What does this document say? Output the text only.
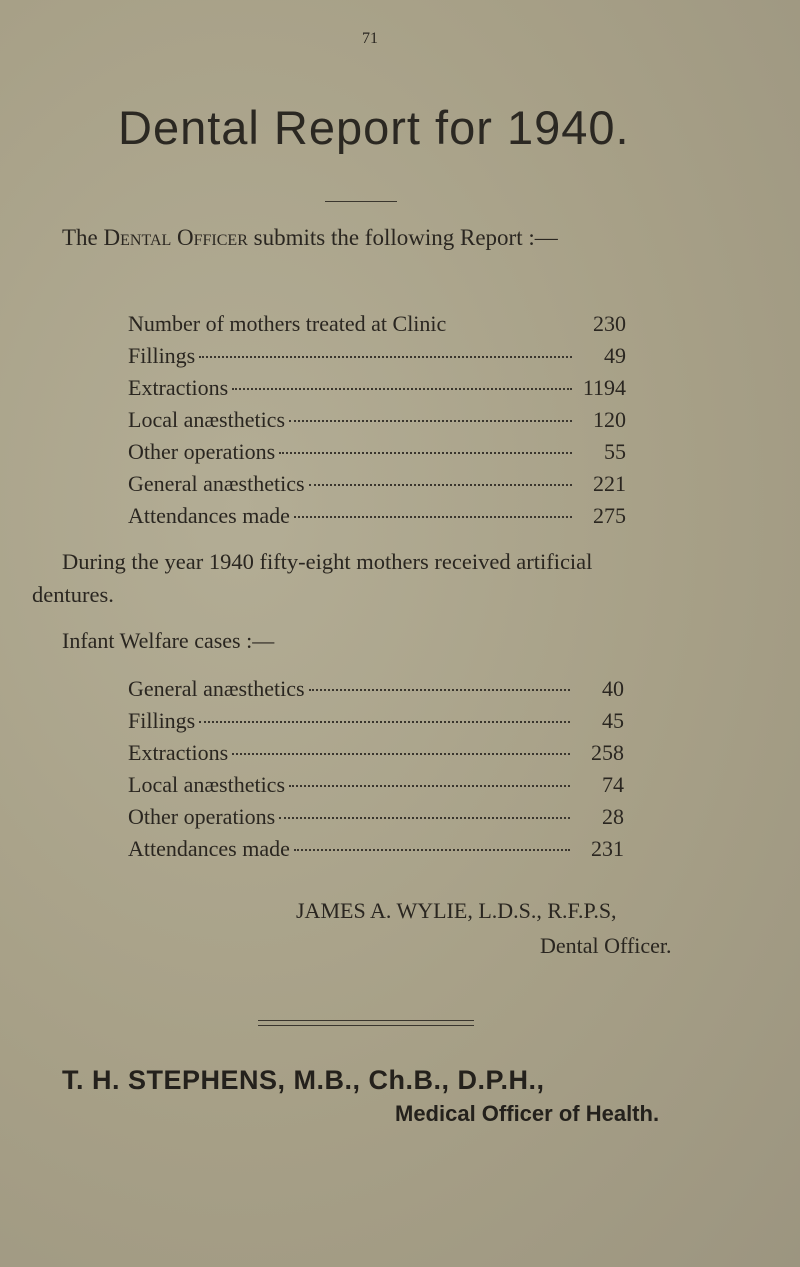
71
Dental Report for 1940.
The Dental Officer submits the following Report :—
Number of mothers treated at Clinic	230
Fillings	49
Extractions	1194
Local anæsthetics	120
Other operations	55
General anæsthetics	221
Attendances made	275
During the year 1940 fifty-eight mothers received artificial
dentures.
Infant Welfare cases :—
General anæsthetics	40
Fillings	45
Extractions	258
Local anæsthetics	74
Other operations	28
Attendances made	231
JAMES A. WYLIE, L.D.S., R.F.P.S,
Dental Officer.
T. H. STEPHENS, M.B., Ch.B., D.P.H.,
Medical Officer of Health.
